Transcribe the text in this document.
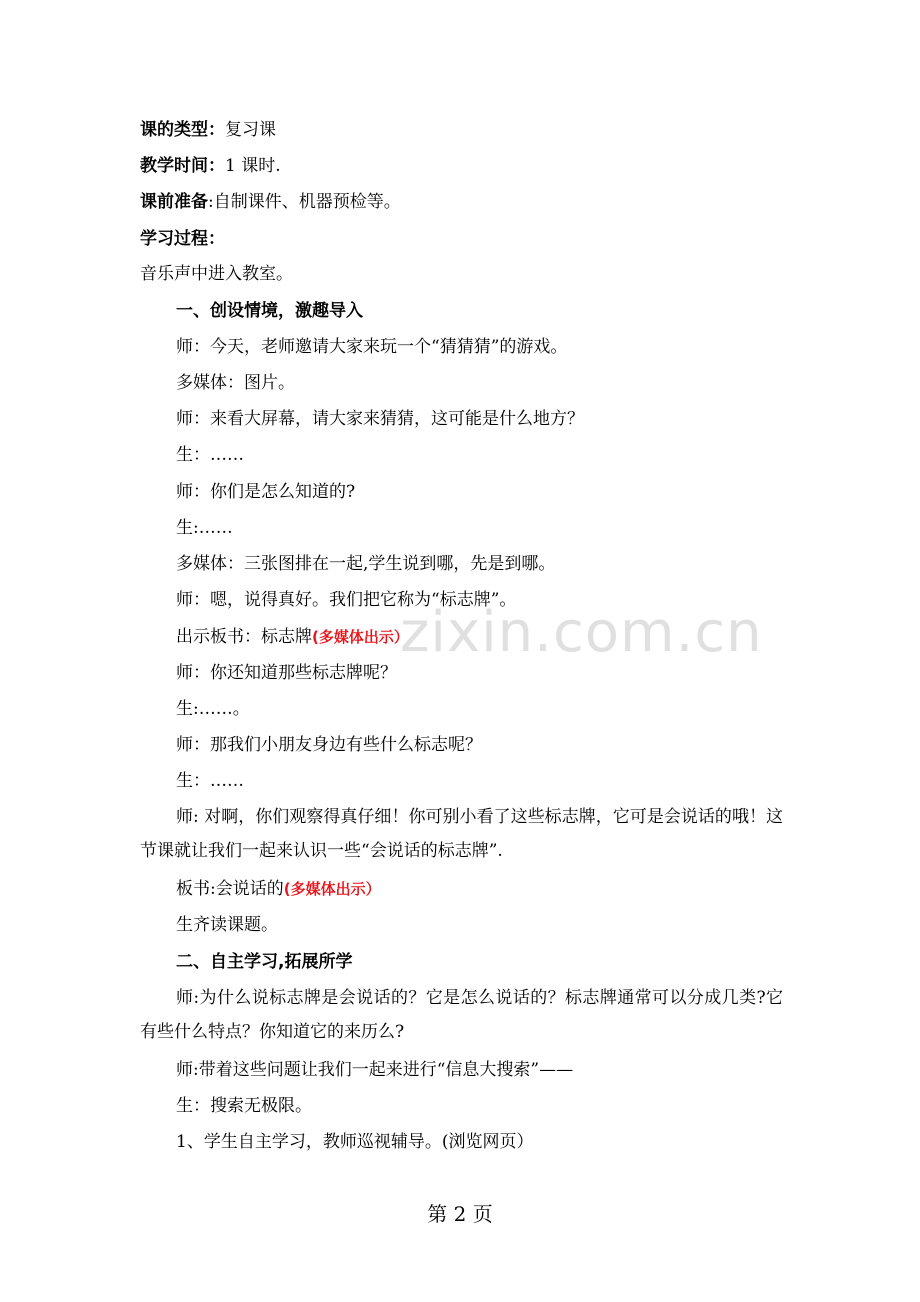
课的类型：复习课
教学时间：1 课时.
课前准备:自制课件、机器预检等。
学习过程：
音乐声中进入教室。
一、创设情境，激趣导入
师：今天，老师邀请大家来玩一个“猜猜猜”的游戏。
多媒体：图片。
师：来看大屏幕，请大家来猜猜，这可能是什么地方？
生：……
师：你们是怎么知道的?
生:……
多媒体：三张图排在一起,学生说到哪，先是到哪。
师：嗯，说得真好。我们把它称为“标志牌”。
出示板书：标志牌(多媒体出示）
师：你还知道那些标志牌呢？
生:……。
师：那我们小朋友身边有些什么标志呢？
生：……
师: 对啊，你们观察得真仔细！你可别小看了这些标志牌，它可是会说话的哦！这节课就让我们一起来认识一些“会说话的标志牌”.
板书:会说话的(多媒体出示）
生齐读课题。
二、自主学习,拓展所学
师:为什么说标志牌是会说话的？它是怎么说话的？标志牌通常可以分成几类?它有些什么特点？你知道它的来历么?
师:带着这些问题让我们一起来进行“信息大搜索”——
生：搜索无极限。
1、学生自主学习，教师巡视辅导。(浏览网页）
zixin.com.cn
第 2 页
